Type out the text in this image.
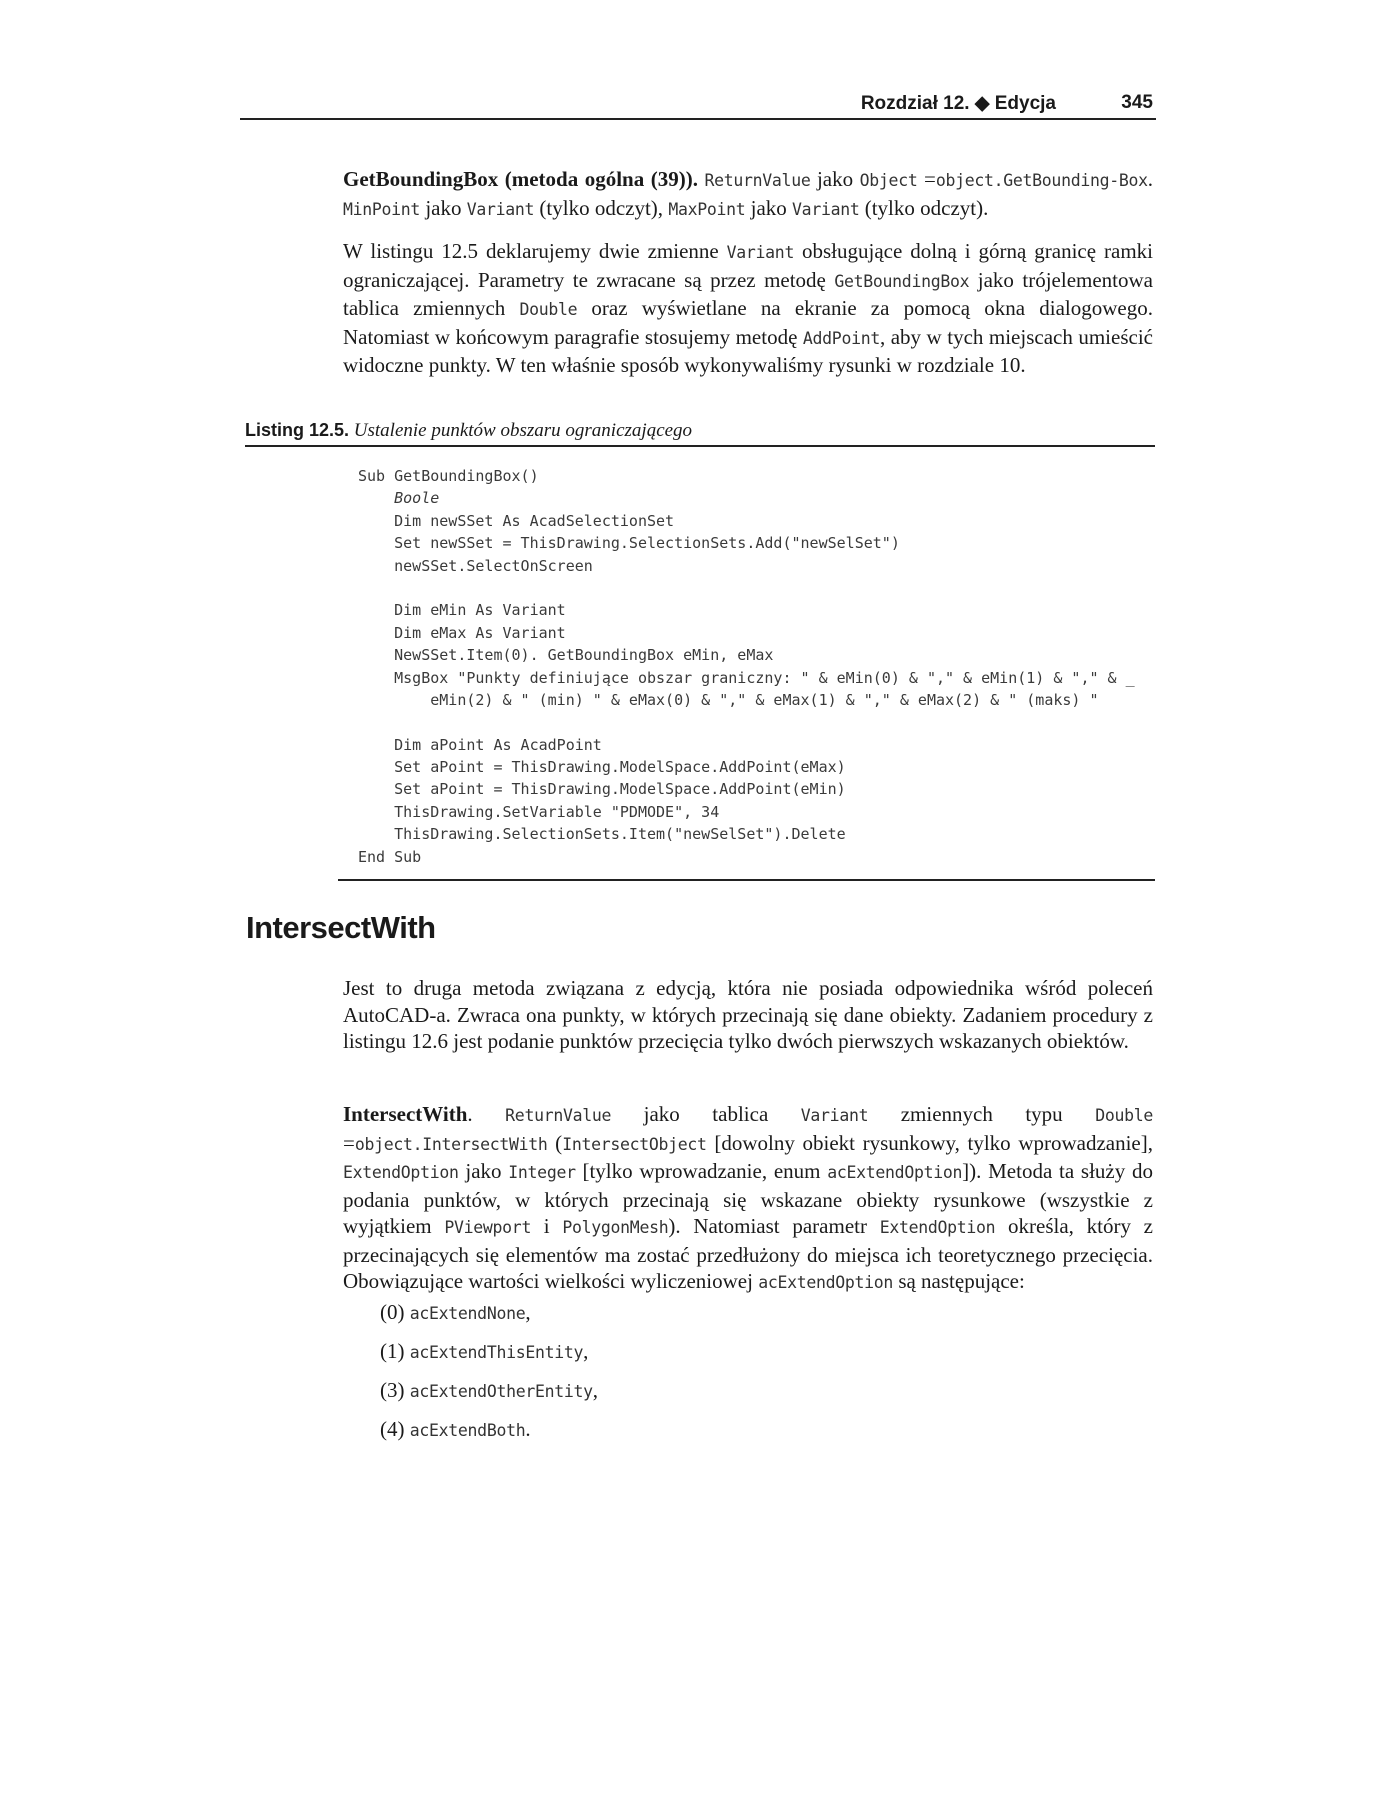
Rozdział 12. ◆ Edycja	345
GetBoundingBox (metoda ogólna (39)). ReturnValue jako Object =object.GetBounding-Box. MinPoint jako Variant (tylko odczyt), MaxPoint jako Variant (tylko odczyt).
W listingu 12.5 deklarujemy dwie zmienne Variant obsługujące dolną i górną granicę ramki ograniczającej. Parametry te zwracane są przez metodę GetBoundingBox jako trójelementowa tablica zmiennych Double oraz wyświetlane na ekranie za pomocą okna dialogowego. Natomiast w końcowym paragrafie stosujemy metodę AddPoint, aby w tych miejscach umieścić widoczne punkty. W ten właśnie sposób wykonywaliśmy rysunki w rozdziale 10.
Listing 12.5. Ustalenie punktów obszaru ograniczającego
Sub GetBoundingBox()
Boole
Dim newSSet As AcadSelectionSet
Set newSSet = ThisDrawing.SelectionSets.Add("newSelSet")
newSSet.SelectOnScreen
Dim eMin As Variant
Dim eMax As Variant
NewSSet.Item(0). GetBoundingBox eMin, eMax
MsgBox "Punkty definiujące obszar graniczny: " & eMin(0) & "," & eMin(1) & "," & _
eMin(2) & " (min) " & eMax(0) & "," & eMax(1) & "," & eMax(2) & " (maks) "
Dim aPoint As AcadPoint
Set aPoint = ThisDrawing.ModelSpace.AddPoint(eMax)
Set aPoint = ThisDrawing.ModelSpace.AddPoint(eMin)
ThisDrawing.SetVariable "PDMODE", 34
ThisDrawing.SelectionSets.Item("newSelSet").Delete
End Sub
IntersectWith
Jest to druga metoda związana z edycją, która nie posiada odpowiednika wśród poleceń AutoCAD-a. Zwraca ona punkty, w których przecinają się dane obiekty. Zadaniem procedury z listingu 12.6 jest podanie punktów przecięcia tylko dwóch pierwszych wskazanych obiektów.
IntersectWith. ReturnValue jako tablica Variant zmiennych typu Double =object.IntersectWith (IntersectObject [dowolny obiekt rysunkowy, tylko wprowadzanie], ExtendOption jako Integer [tylko wprowadzanie, enum acExtendOption]). Metoda ta służy do podania punktów, w których przecinają się wskazane obiekty rysunkowe (wszystkie z wyjątkiem PViewport i PolygonMesh). Natomiast parametr ExtendOption określa, który z przecinających się elementów ma zostać przedłużony do miejsca ich teoretycznego przecięcia. Obowiązujące wartości wielkości wyliczeniowej acExtendOption są następujące:
(0) acExtendNone,
(1) acExtendThisEntity,
(3) acExtendOtherEntity,
(4) acExtendBoth.
